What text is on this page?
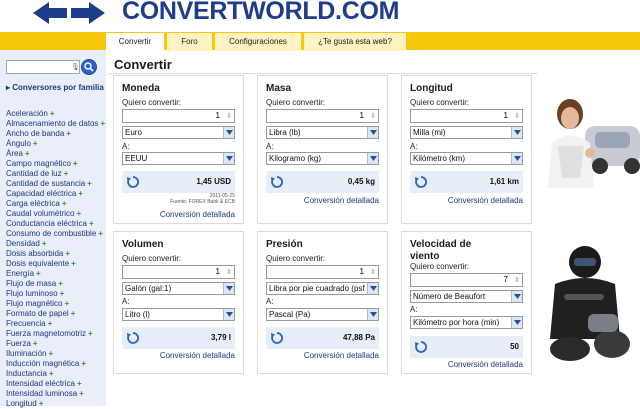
CONVERTWORLD.COM
Convertir	Foro	Configuraciones	¿Te gusta esta web?
🎙
▸ Conversores por familia
Aceleración +
Almacenamiento de datos +
Ancho de banda +
Ángulo +
Área +
Campo magnético +
Cantidad de luz +
Cantidad de sustancia +
Capacidad eléctrica +
Carga eléctrica +
Caudal volumétrico +
Conductancia eléctrica +
Consumo de combustible +
Densidad +
Dosis absorbida +
Dosis equivalente +
Energía +
Flujo de masa +
Flujo luminoso +
Flujo magnético +
Formato de papel +
Frecuencia +
Fuerza magnetomotriz +
Fuerza +
Iluminación +
Inducción magnética +
Inductancia +
Intensidad eléctrica +
Intensidad luminosa +
Longitud +
Convertir
Moneda
Quiero convertir:
1 ⇕
Euro
A:
EEUU
1,45 USD
2011-05-25
Fuente: FOREX Bank & ECB
Conversión detallada
Masa
Quiero convertir:
1 ⇕
Libra (lb)
A:
Kilogramo (kg)
0,45 kg
Conversión detallada
Longitud
Quiero convertir:
1 ⇕
Milla (mi)
A:
Kilómetro (km)
1,61 km
Conversión detallada
Volumen
Quiero convertir:
1 ⇕
Galón (gal:1)
A:
Litro (l)
3,79 l
Conversión detallada
Presión
Quiero convertir:
1 ⇕
Libra por pie cuadrado (psf
A:
Pascal (Pa)
47,88 Pa
Conversión detallada
Velocidad de viento
Quiero convertir:
7 ⇕
Número de Beaufort
A:
Kilómetro por hora (min)
50
Conversión detallada
